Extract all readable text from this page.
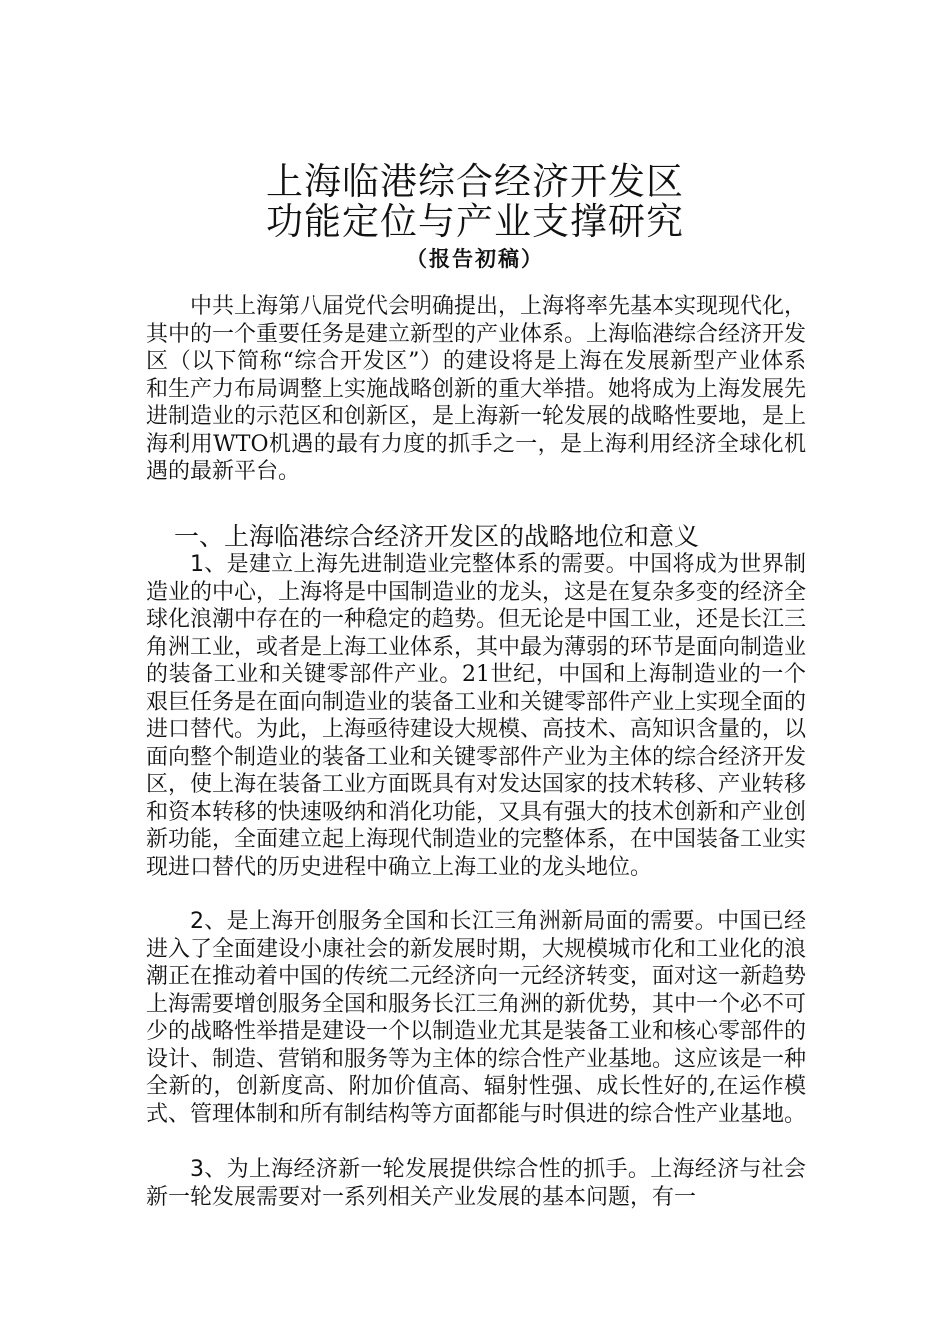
上海临港综合经济开发区
功能定位与产业支撑研究
（报告初稿）

中共上海第八届党代会明确提出，上海将率先基本实现现代化，其中的一个重要任务是建立新型的产业体系。上海临港综合经济开发区（以下简称“综合开发区”）的建设将是上海在发展新型产业体系和生产力布局调整上实施战略创新的重大举措。她将成为上海发展先进制造业的示范区和创新区，是上海新一轮发展的战略性要地，是上海利用WTO机遇的最有力度的抓手之一，是上海利用经济全球化机遇的最新平台。

一、上海临港综合经济开发区的战略地位和意义

1、是建立上海先进制造业完整体系的需要。中国将成为世界制造业的中心，上海将是中国制造业的龙头，这是在复杂多变的经济全球化浪潮中存在的一种稳定的趋势。但无论是中国工业，还是长江三角洲工业，或者是上海工业体系，其中最为薄弱的环节是面向制造业的装备工业和关键零部件产业。21世纪，中国和上海制造业的一个艰巨任务是在面向制造业的装备工业和关键零部件产业上实现全面的进口替代。为此，上海亟待建设大规模、高技术、高知识含量的，以面向整个制造业的装备工业和关键零部件产业为主体的综合经济开发区，使上海在装备工业方面既具有对发达国家的技术转移、产业转移和资本转移的快速吸纳和消化功能，又具有强大的技术创新和产业创新功能，全面建立起上海现代制造业的完整体系，在中国装备工业实现进口替代的历史进程中确立上海工业的龙头地位。

2、是上海开创服务全国和长江三角洲新局面的需要。中国已经进入了全面建设小康社会的新发展时期，大规模城市化和工业化的浪潮正在推动着中国的传统二元经济向一元经济转变，面对这一新趋势上海需要增创服务全国和服务长江三角洲的新优势，其中一个必不可少的战略性举措是建设一个以制造业尤其是装备工业和核心零部件的设计、制造、营销和服务等为主体的综合性产业基地。这应该是一种全新的，创新度高、附加价值高、辐射性强、成长性好的,在运作模式、管理体制和所有制结构等方面都能与时俱进的综合性产业基地。

3、为上海经济新一轮发展提供综合性的抓手。上海经济与社会新一轮发展需要对一系列相关产业发展的基本问题，有一
